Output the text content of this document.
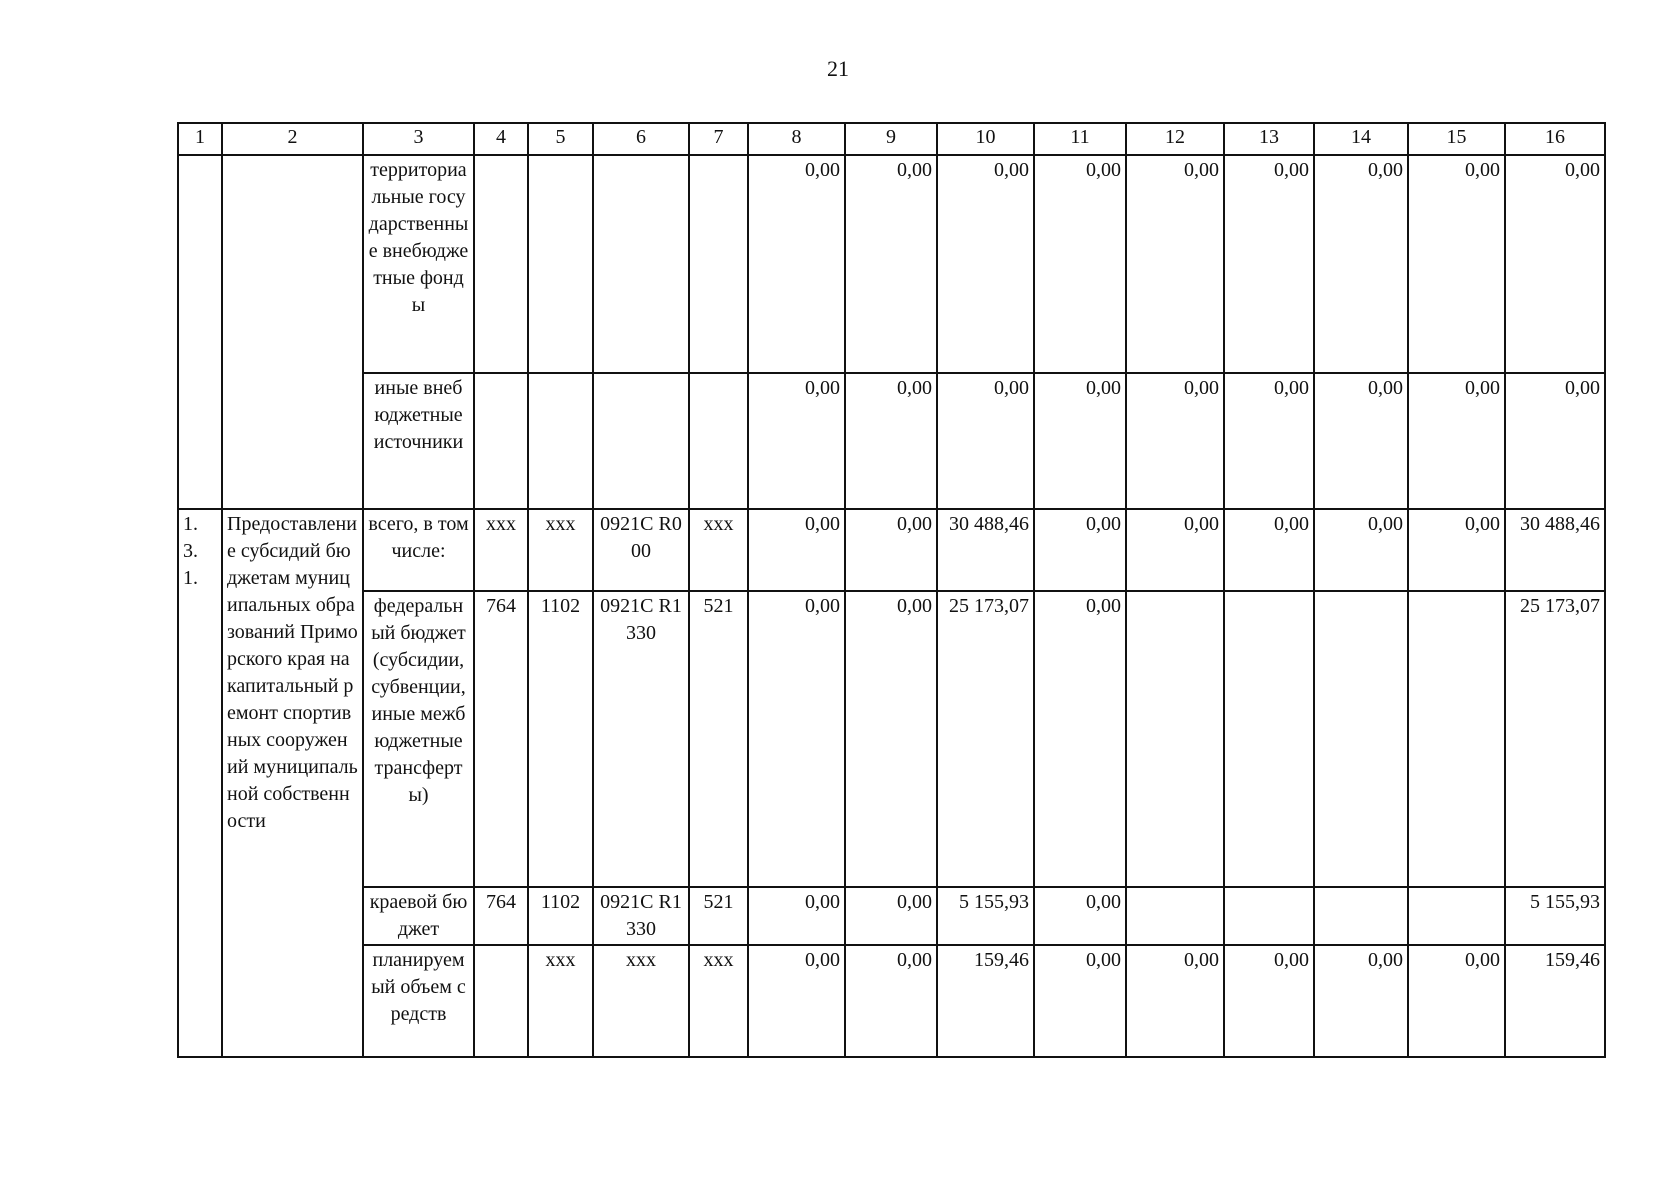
21
1	2	3	4	5	6	7	8	9	10	11	12	13	14	15	16
		территориальные государственные внебюджетные фонды					0,00	0,00	0,00	0,00	0,00	0,00	0,00	0,00	0,00
		иные внебюджетные источники					0,00	0,00	0,00	0,00	0,00	0,00	0,00	0,00	0,00
1. 3. 1.	Предоставление субсидий бюджетам муниципальных образований Приморского края на капитальный ремонт спортивных сооружений муниципальной собственности	всего, в том числе:	ххх	ххх	0921C R000	ххх	0,00	0,00	30 488,46	0,00	0,00	0,00	0,00	0,00	30 488,46
		федеральный бюджет (субсидии, субвенции, иные межбюджетные трансферты)	764	1102	0921C R1330	521	0,00	0,00	25 173,07	0,00					25 173,07
		краевой бюджет	764	1102	0921C R1330	521	0,00	0,00	5 155,93	0,00					5 155,93
		планируемый объем средств		ххх	ххх	ххх	0,00	0,00	159,46	0,00	0,00	0,00	0,00	0,00	159,46
